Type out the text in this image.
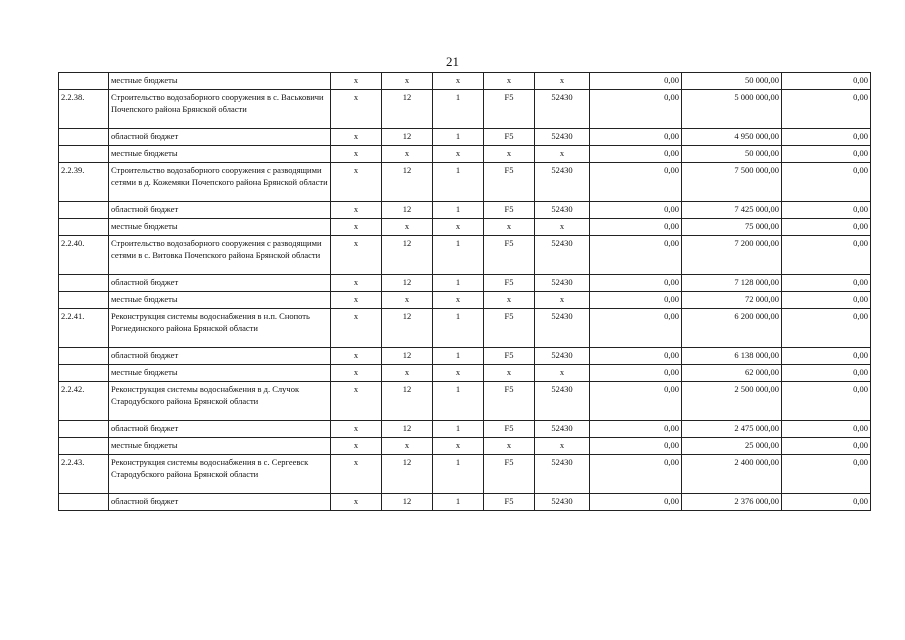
21
	местные бюджеты	х	х	х	х	х	0,00	50 000,00	0,00
2.2.38.	Строительство водозаборного сооружения в с. Васьковичи Почепского района Брянской области	х	12	1	F5	52430	0,00	5 000 000,00	0,00
	областной бюджет	х	12	1	F5	52430	0,00	4 950 000,00	0,00
	местные бюджеты	х	х	х	х	х	0,00	50 000,00	0,00
2.2.39.	Строительство водозаборного сооружения с разводящими сетями в д. Кожемяки Почепского района Брянской области	х	12	1	F5	52430	0,00	7 500 000,00	0,00
	областной бюджет	х	12	1	F5	52430	0,00	7 425 000,00	0,00
	местные бюджеты	х	х	х	х	х	0,00	75 000,00	0,00
2.2.40.	Строительство водозаборного сооружения с разводящими сетями в с. Витовка Почепского района Брянской области	х	12	1	F5	52430	0,00	7 200 000,00	0,00
	областной бюджет	х	12	1	F5	52430	0,00	7 128 000,00	0,00
	местные бюджеты	х	х	х	х	х	0,00	72 000,00	0,00
2.2.41.	Реконструкция системы водоснабжения в н.п. Снопоть Рогнединского района Брянской области	х	12	1	F5	52430	0,00	6 200 000,00	0,00
	областной бюджет	х	12	1	F5	52430	0,00	6 138 000,00	0,00
	местные бюджеты	х	х	х	х	х	0,00	62 000,00	0,00
2.2.42.	Реконструкция системы водоснабжения в д. Случок Стародубского района Брянской области	х	12	1	F5	52430	0,00	2 500 000,00	0,00
	областной бюджет	х	12	1	F5	52430	0,00	2 475 000,00	0,00
	местные бюджеты	х	х	х	х	х	0,00	25 000,00	0,00
2.2.43.	Реконструкция системы водоснабжения в с. Сергеевск Стародубского района Брянской области	х	12	1	F5	52430	0,00	2 400 000,00	0,00
	областной бюджет	х	12	1	F5	52430	0,00	2 376 000,00	0,00
